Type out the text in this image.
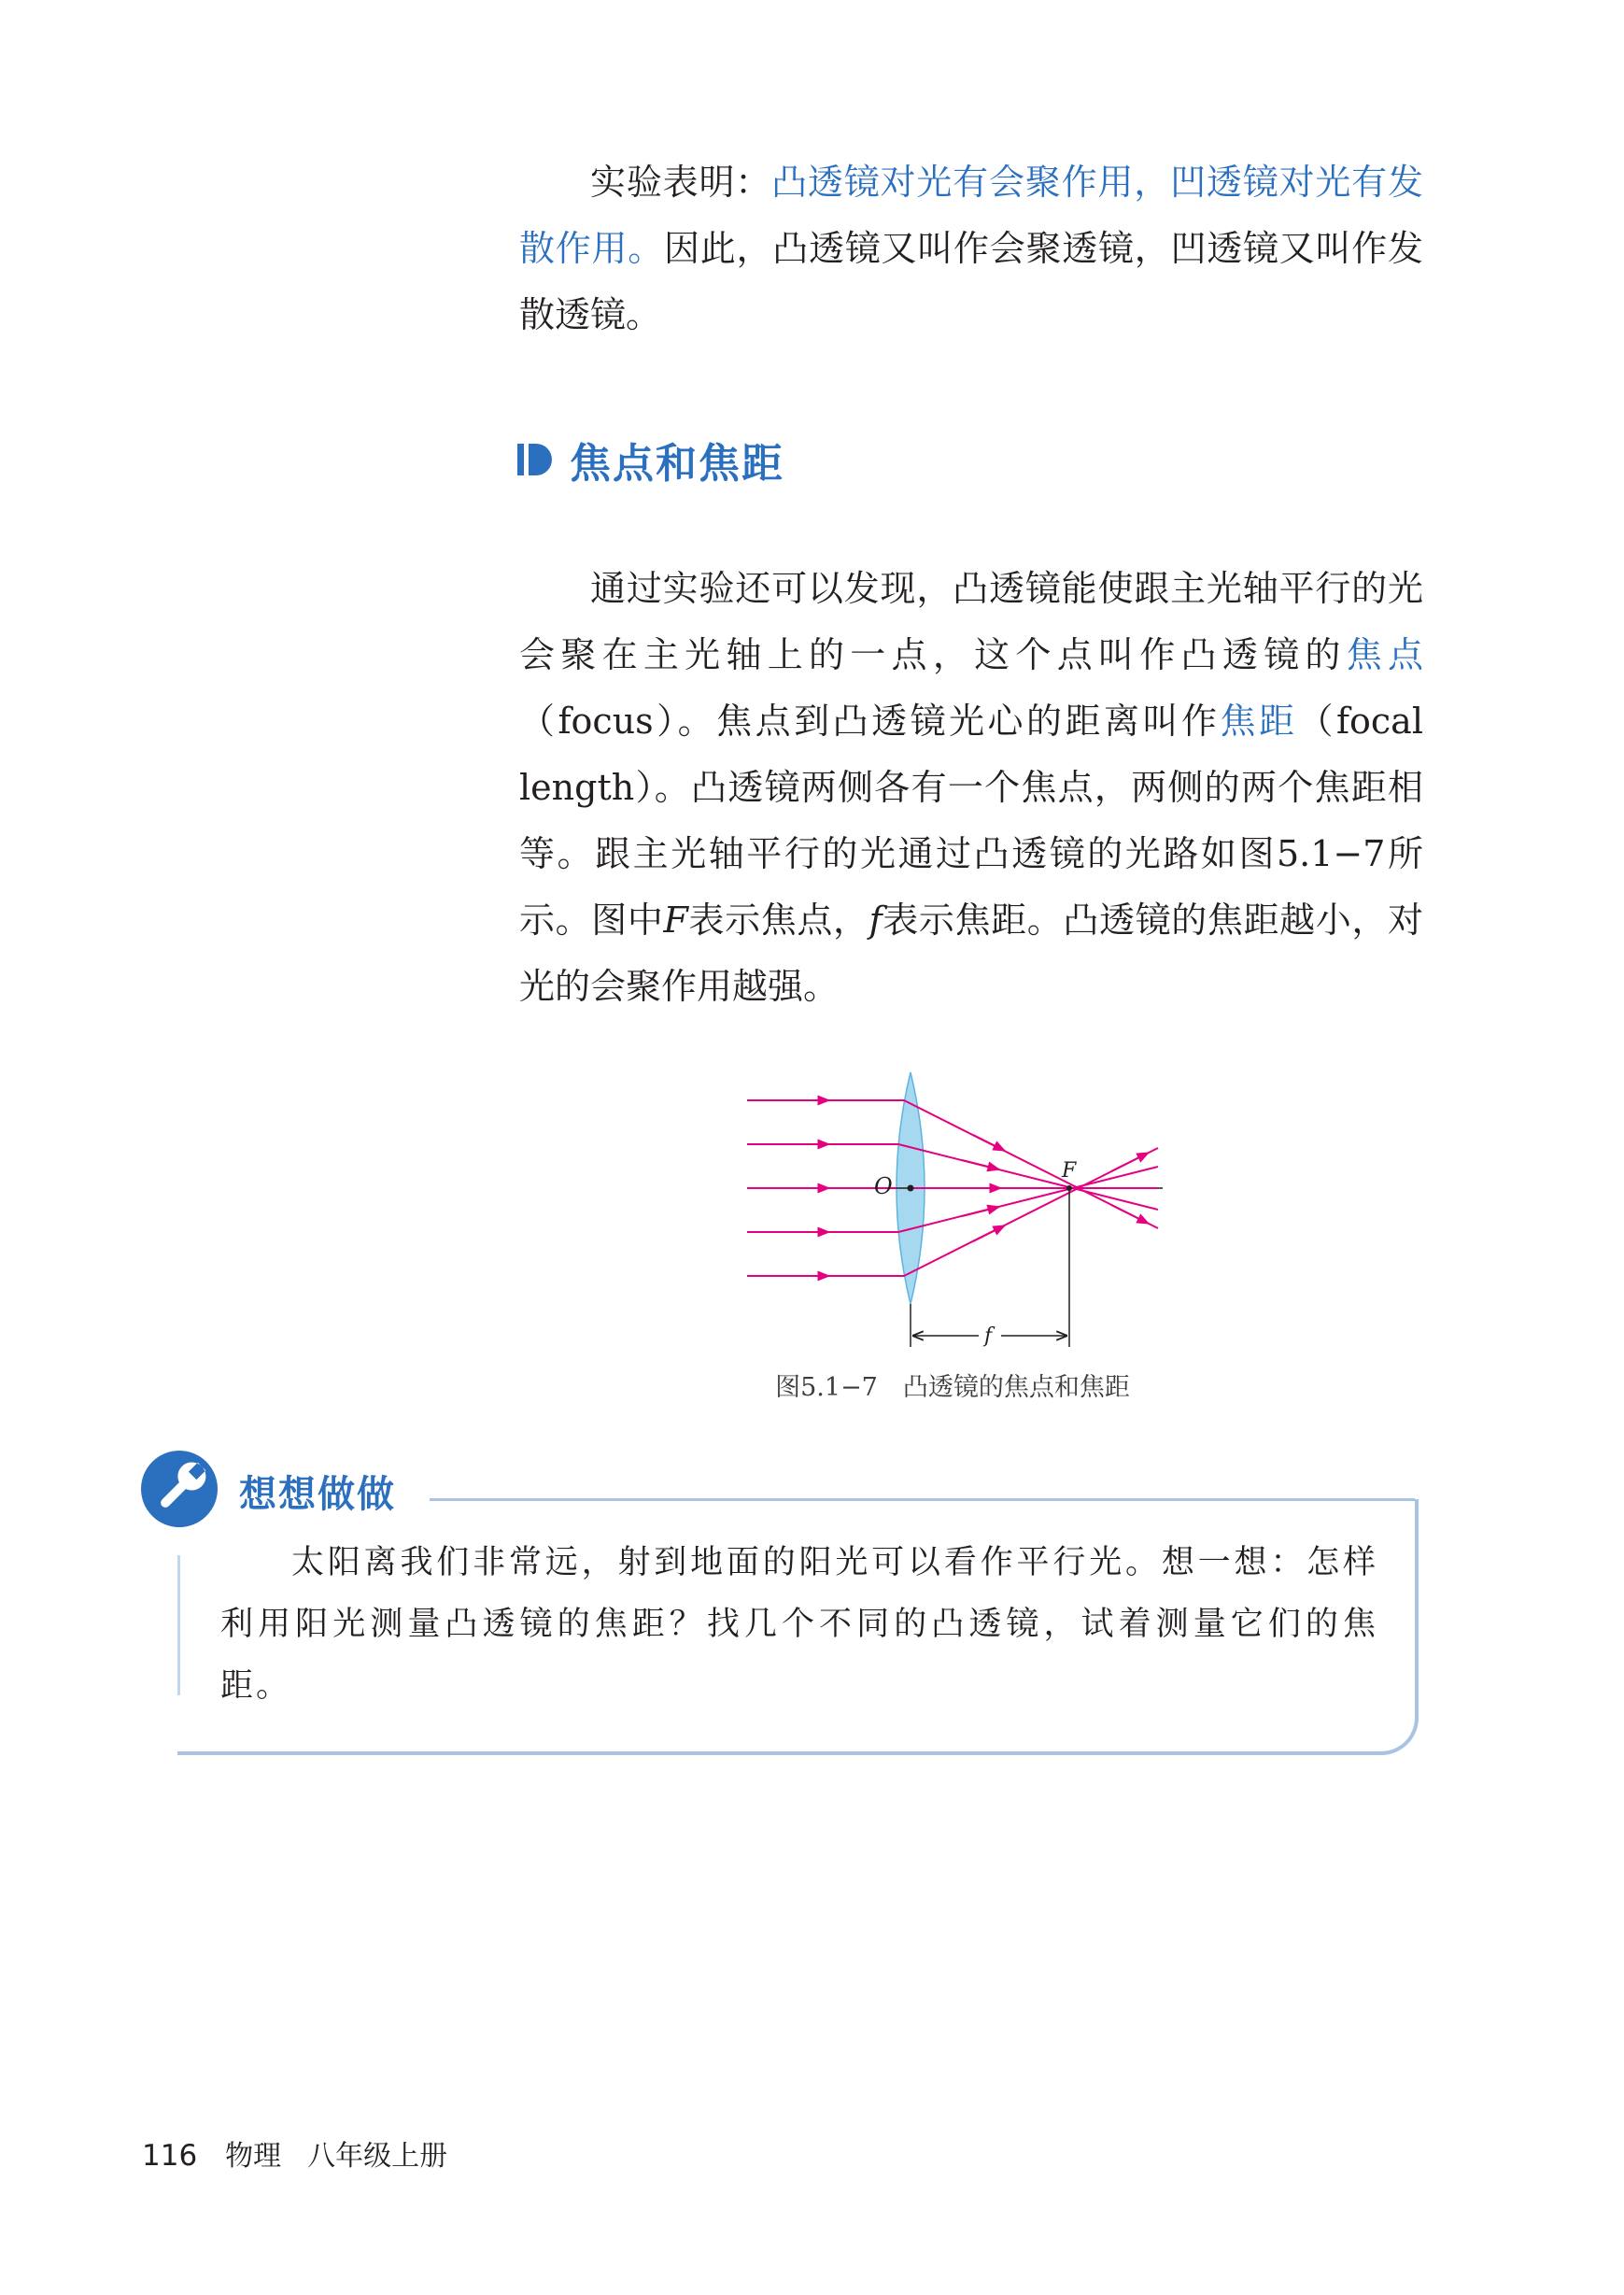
实验表明：凸透镜对光有会聚作用，凹透镜对光有发散作用。因此，凸透镜又叫作会聚透镜，凹透镜又叫作发散透镜。

焦点和焦距

通过实验还可以发现，凸透镜能使跟主光轴平行的光会聚在主光轴上的一点，这个点叫作凸透镜的焦点（focus）。焦点到凸透镜光心的距离叫作焦距（focal length）。凸透镜两侧各有一个焦点，两侧的两个焦距相等。跟主光轴平行的光通过凸透镜的光路如图5.1−7所示。图中F表示焦点，f表示焦距。凸透镜的焦距越小，对光的会聚作用越强。

O
F
f
图5.1−7　凸透镜的焦点和焦距
想想做做

太阳离我们非常远，射到地面的阳光可以看作平行光。想一想：怎样利用阳光测量凸透镜的焦距？找几个不同的凸透镜，试着测量它们的焦距。

116 物理 八年级上册
